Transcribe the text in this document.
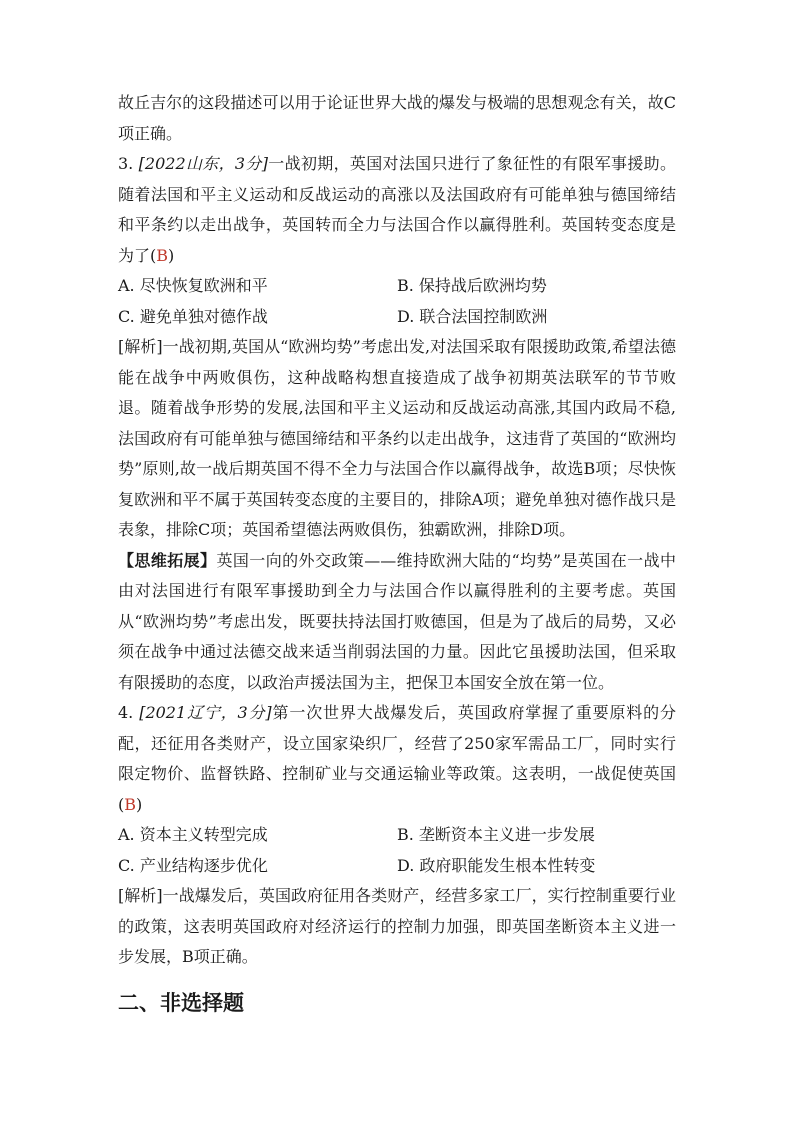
故丘吉尔的这段描述可以用于论证世界大战的爆发与极端的思想观念有关，故C项正确。

3. [2022山东，3分]一战初期，英国对法国只进行了象征性的有限军事援助。随着法国和平主义运动和反战运动的高涨以及法国政府有可能单独与德国缔结和平条约以走出战争，英国转而全力与法国合作以赢得胜利。英国转变态度是为了(B)

A. 尽快恢复欧洲和平	B. 保持战后欧洲均势
C. 避免单独对德作战	D. 联合法国控制欧洲

[解析]一战初期,英国从“欧洲均势”考虑出发,对法国采取有限援助政策,希望法德能在战争中两败俱伤，这种战略构想直接造成了战争初期英法联军的节节败退。随着战争形势的发展,法国和平主义运动和反战运动高涨,其国内政局不稳,法国政府有可能单独与德国缔结和平条约以走出战争，这违背了英国的“欧洲均势”原则,故一战后期英国不得不全力与法国合作以赢得战争，故选B项；尽快恢复欧洲和平不属于英国转变态度的主要目的，排除A项；避免单独对德作战只是表象，排除C项；英国希望德法两败俱伤，独霸欧洲，排除D项。

【思维拓展】英国一向的外交政策——维持欧洲大陆的“均势”是英国在一战中由对法国进行有限军事援助到全力与法国合作以赢得胜利的主要考虑。英国从“欧洲均势”考虑出发，既要扶持法国打败德国，但是为了战后的局势，又必须在战争中通过法德交战来适当削弱法国的力量。因此它虽援助法国，但采取有限援助的态度，以政治声援法国为主，把保卫本国安全放在第一位。

4. [2021辽宁，3分]第一次世界大战爆发后，英国政府掌握了重要原料的分配，还征用各类财产，设立国家染织厂，经营了250家军需品工厂，同时实行限定物价、监督铁路、控制矿业与交通运输业等政策。这表明，一战促使英国(B)

A. 资本主义转型完成	B. 垄断资本主义进一步发展
C. 产业结构逐步优化	D. 政府职能发生根本性转变

[解析]一战爆发后，英国政府征用各类财产，经营多家工厂，实行控制重要行业的政策，这表明英国政府对经济运行的控制力加强，即英国垄断资本主义进一步发展，B项正确。

二、非选择题
